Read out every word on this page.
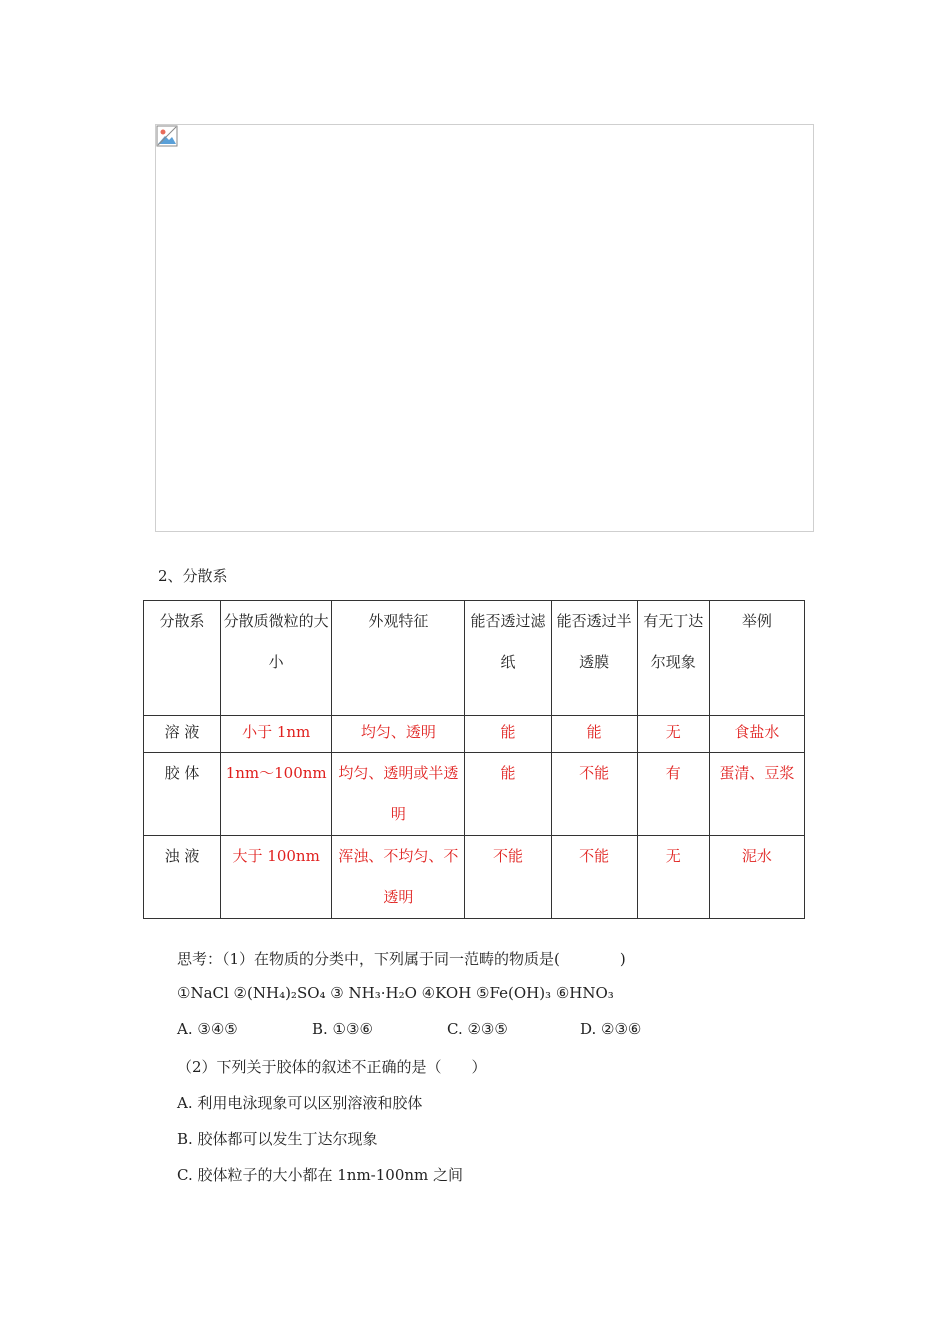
2、分散系
分散系	分散质微粒的大小	外观特征	能否透过滤纸	能否透过半透膜	有无丁达尔现象	举例
溶 液	小于 1nm	均匀、透明	能	能	无	食盐水
胶 体	1nm～100nm	均匀、透明或半透明	能	不能	有	蛋清、豆浆
浊 液	大于 100nm	浑浊、不均匀、不透明	不能	不能	无	泥水
思考：（1）在物质的分类中，下列属于同一范畴的物质是(　　　　)
①NaCl ②(NH₄)₂SO₄ ③ NH₃·H₂O ④KOH ⑤Fe(OH)₃ ⑥HNO₃
A. ③④⑤	B. ①③⑥	C. ②③⑤	D. ②③⑥
（2）下列关于胶体的叙述不正确的是（　　）
A. 利用电泳现象可以区别溶液和胶体
B. 胶体都可以发生丁达尔现象
C. 胶体粒子的大小都在 1nm-100nm 之间
